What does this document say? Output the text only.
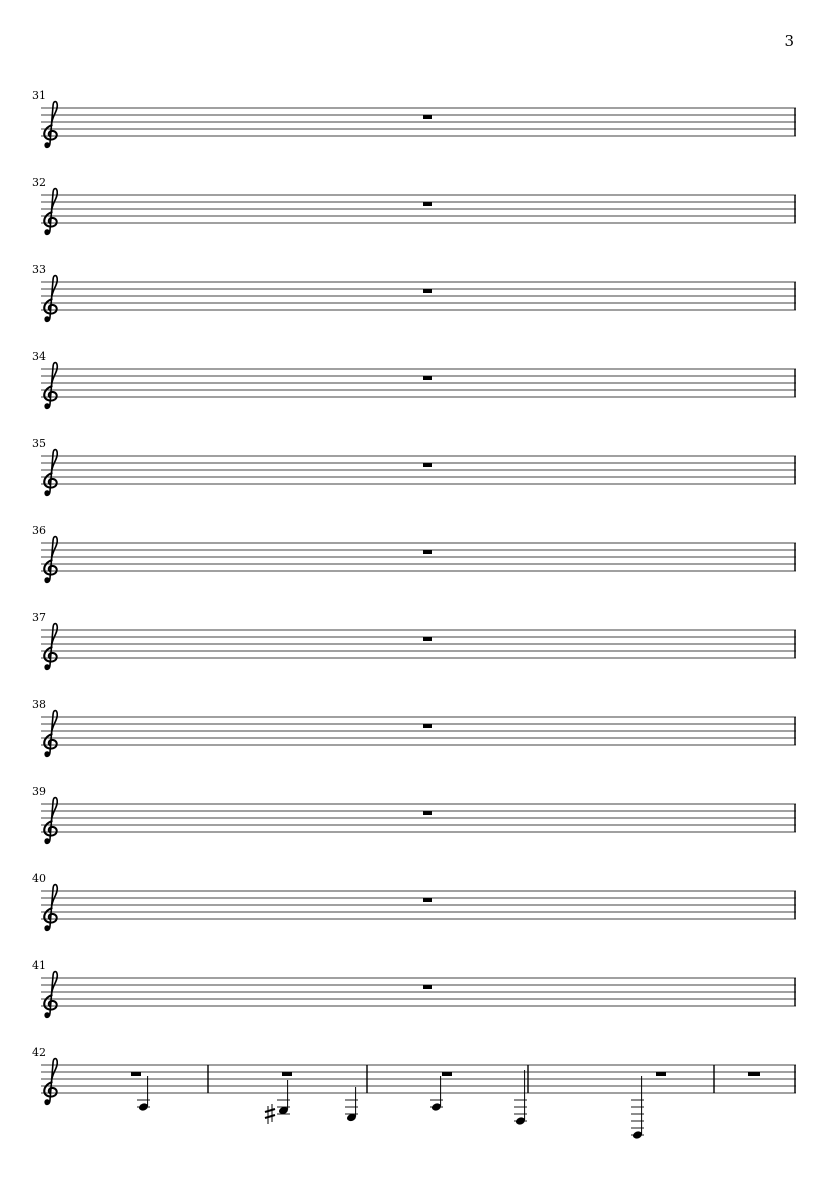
3
31
32
33
34
35
36
37
38
39
40
41
42
